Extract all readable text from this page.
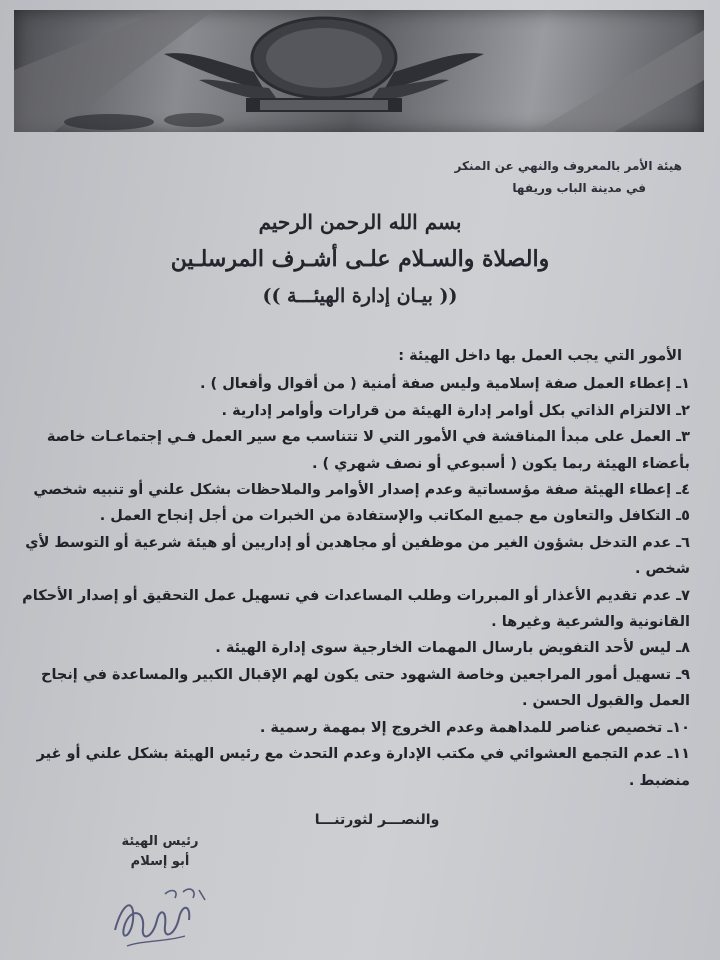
هيئة الأمر بالمعروف والنهي عن المنكر
في مدينة الباب وريفها
بسم الله الرحمن الرحيم
والصلاة والسـلام علـى أشـرف المرسلـين
(( بيـان إدارة الهيئـــة ))
الأمور التي يجب العمل بها داخل الهيئة :

١ـ إعطاء العمل صفة إسلامية وليس صفة أمنية ( من أقوال وأفعال ) .

٢ـ الالتزام الذاتي بكل أوامر إدارة الهيئة من قرارات وأوامر إدارية .

٣ـ العمل على مبدأ المناقشة في الأمور التي لا تتناسب مع سير العمل فـي إجتماعـات خاصة بأعضاء الهيئة ربما يكون ( أسبوعي أو نصف شهري ) .

٤ـ إعطاء الهيئة صفة مؤسساتية وعدم إصدار الأوامر والملاحظات بشكل علني أو تنبيه شخصي

٥ـ التكافل والتعاون مع جميع المكاتب والإستفادة من الخبرات من أجل إنجاح العمل .

٦ـ عدم التدخل بشؤون الغير من موظفين أو مجاهدين أو إداريين أو هيئة شرعية أو التوسط لأي شخص .

٧ـ عدم تقديم الأعذار أو المبررات وطلب المساعدات في تسهيل عمل التحقيق أو إصدار الأحكام القانونية والشرعية وغيرها .

٨ـ ليس لأحد التفويض بارسال المهمات الخارجية سوى إدارة الهيئة .

٩ـ تسهيل أمور المراجعين وخاصة الشهود حتى يكون لهم الإقبال الكبير والمساعدة في إنجاح العمل والقبول الحسن .

١٠ـ تخصيص عناصر للمداهمة وعدم الخروج إلا بمهمة رسمية .

١١ـ عدم التجمع العشوائي في مكتب الإدارة وعدم التحدث مع رئيس الهيئة بشكل علني أو غير منضبط .

والنصـــر لثورتنـــا
رئيس الهيئة
أبو إسلام
